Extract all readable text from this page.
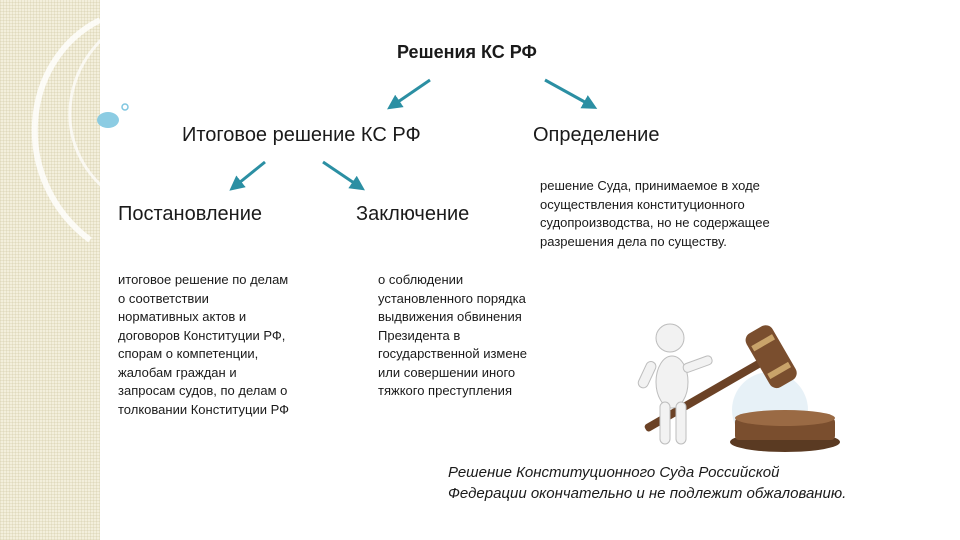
Решения КС РФ
Итоговое решение КС РФ	Определение
Постановление	Заключение
решение Суда, принимаемое в ходе
осуществления конституционного
судопроизводства, но не содержащее
разрешения дела по существу.
итоговое решение по делам
о соответствии
нормативных актов и
договоров Конституции РФ,
спорам о компетенции,
жалобам граждан и
запросам судов, по делам о
толковании Конституции РФ
о соблюдении
установленного порядка
выдвижения обвинения
Президента в
государственной измене
или совершении иного
тяжкого преступления
Решение Конституционного Суда Российской
Федерации окончательно и не подлежит обжалованию.
